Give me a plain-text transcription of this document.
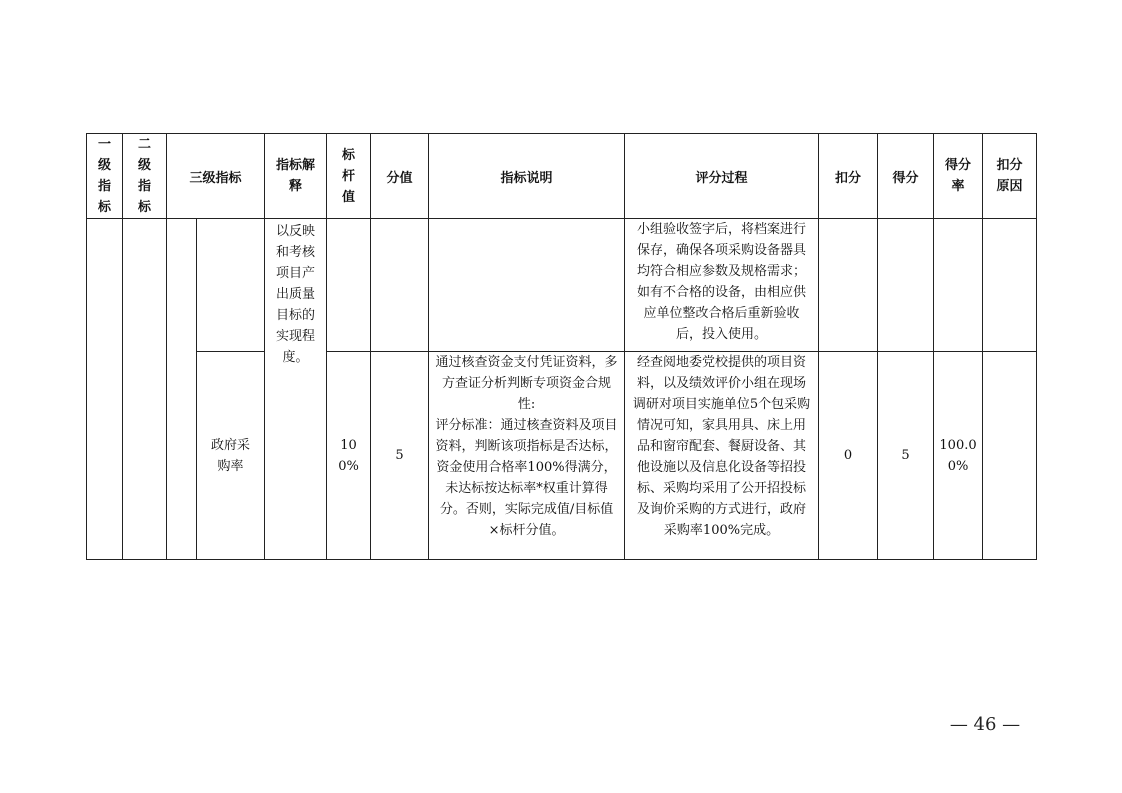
一级指标	二级指标	三级指标		指标解释	标杆值	分值	指标说明	评分过程	扣分	得分	得分率	扣分原因
				以反映和考核项目产出质量目标的实现程度。				小组验收签字后，将档案进行保存，确保各项采购设备器具均符合相应参数及规格需求；如有不合格的设备，由相应供应单位整改合格后重新验收后，投入使用。				
			政府采购率		100%	5	通过核查资金支付凭证资料，多方查证分析判断专项资金合规性:
评分标准：通过核查资料及项目资料，判断该项指标是否达标，资金使用合格率100%得满分，未达标按达标率*权重计算得分。否则，实际完成值/目标值×标杆分值。	经查阅地委党校提供的项目资料，以及绩效评价小组在现场调研对项目实施单位5个包采购情况可知，家具用具、床上用品和窗帘配套、餐厨设备、其他设施以及信息化设备等招投标、采购均采用了公开招投标及询价采购的方式进行，政府采购率100%完成。	0	5	100.00%	
— 46 —
